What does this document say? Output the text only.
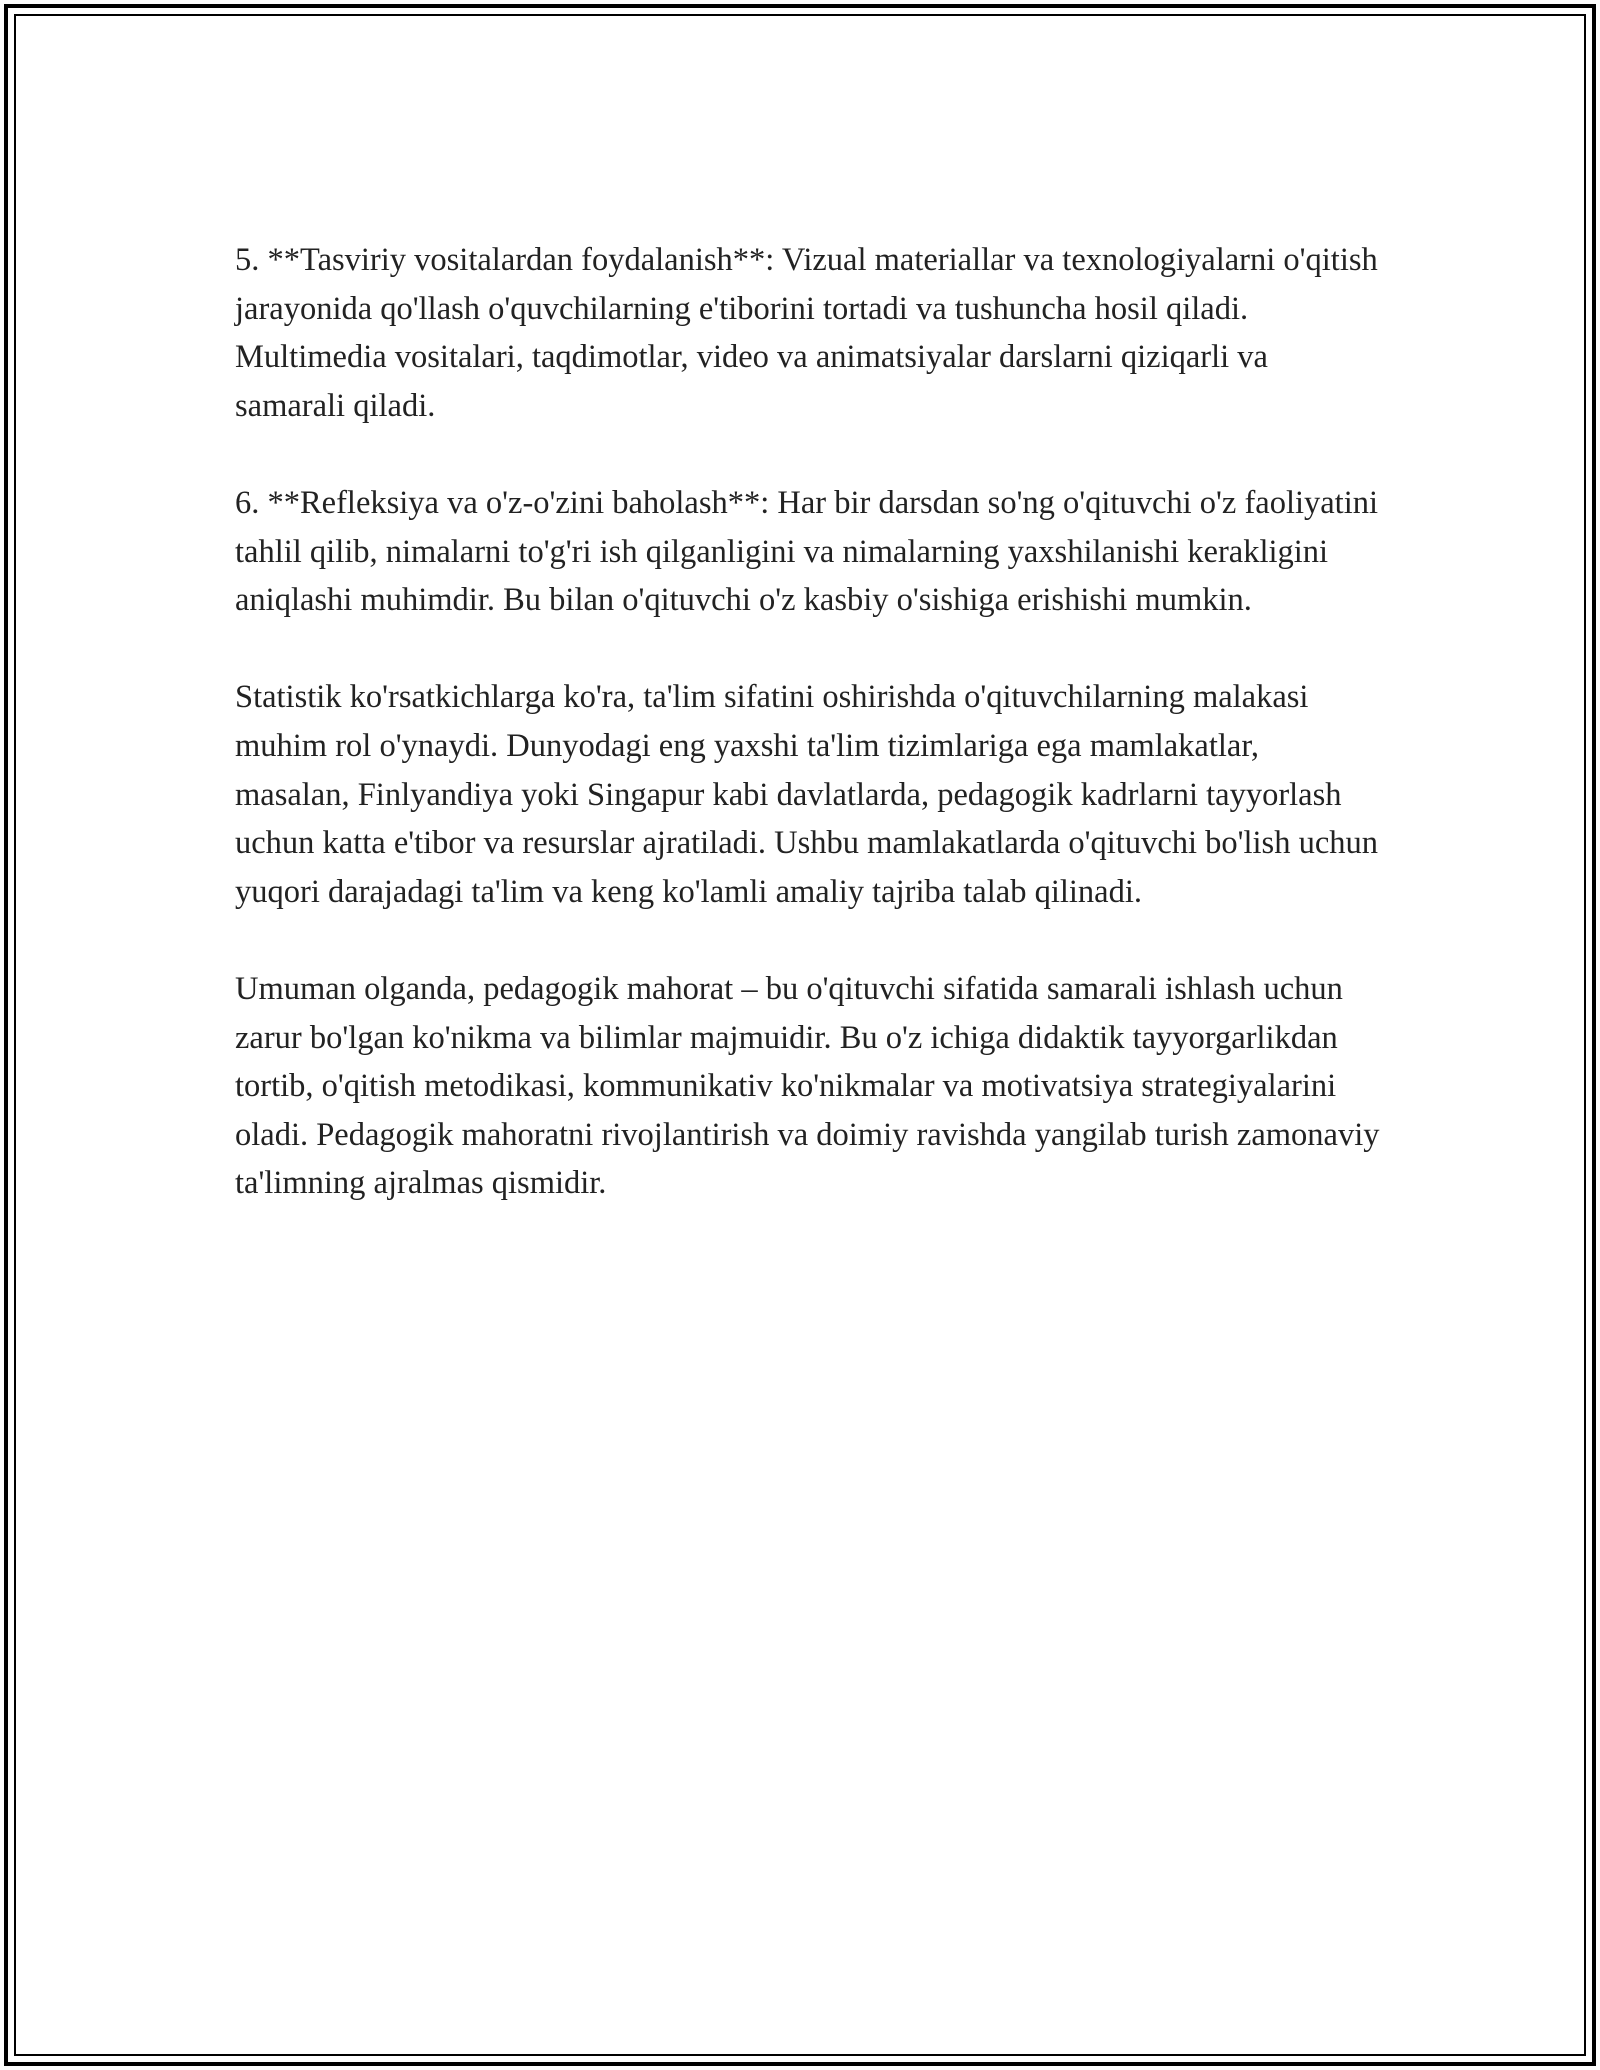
5. **Tasviriy vositalardan foydalanish**: Vizual materiallar va texnologiyalarni o'qitish jarayonida qo'llash o'quvchilarning e'tiborini tortadi va tushuncha hosil qiladi. Multimedia vositalari, taqdimotlar, video va animatsiyalar darslarni qiziqarli va samarali qiladi.

6. **Refleksiya va o'z-o'zini baholash**: Har bir darsdan so'ng o'qituvchi o'z faoliyatini tahlil qilib, nimalarni to'g'ri ish qilganligini va nimalarning yaxshilanishi kerakligini aniqlashi muhimdir. Bu bilan o'qituvchi o'z kasbiy o'sishiga erishishi mumkin.

Statistik ko'rsatkichlarga ko'ra, ta'lim sifatini oshirishda o'qituvchilarning malakasi muhim rol o'ynaydi. Dunyodagi eng yaxshi ta'lim tizimlariga ega mamlakatlar, masalan, Finlyandiya yoki Singapur kabi davlatlarda, pedagogik kadrlarni tayyorlash uchun katta e'tibor va resurslar ajratiladi. Ushbu mamlakatlarda o'qituvchi bo'lish uchun yuqori darajadagi ta'lim va keng ko'lamli amaliy tajriba talab qilinadi.

Umuman olganda, pedagogik mahorat – bu o'qituvchi sifatida samarali ishlash uchun zarur bo'lgan ko'nikma va bilimlar majmuidir. Bu o'z ichiga didaktik tayyorgarlikdan tortib, o'qitish metodikasi, kommunikativ ko'nikmalar va motivatsiya strategiyalarini oladi. Pedagogik mahoratni rivojlantirish va doimiy ravishda yangilab turish zamonaviy ta'limning ajralmas qismidir.
